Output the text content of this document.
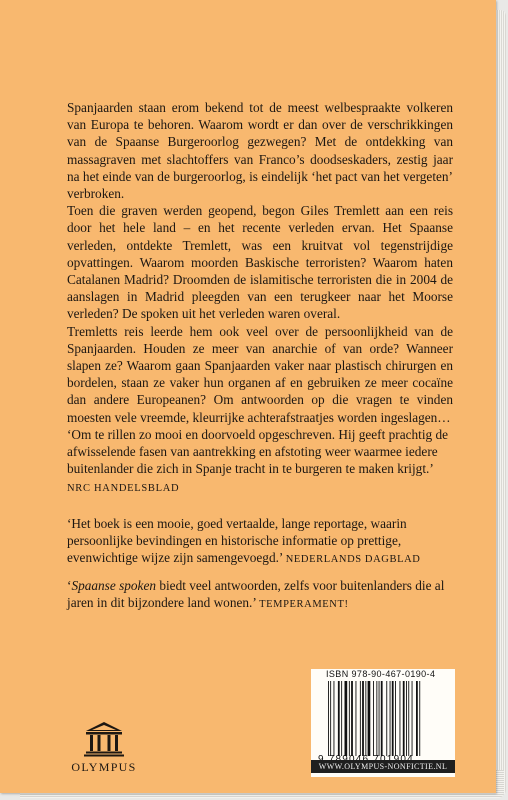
Spanjaarden staan erom bekend tot de meest welbespraakte volkeren van Europa te behoren. Waarom wordt er dan over de verschrikkingen van de Spaanse Burgeroorlog gezwegen? Met de ontdekking van massagraven met slachtoffers van Franco’s doodseskaders, zestig jaar na het einde van de burgeroorlog, is eindelijk ‘het pact van het vergeten’ verbroken.

Toen die graven werden geopend, begon Giles Tremlett aan een reis door het hele land – en het recente verleden ervan. Het Spaanse verleden, ontdekte Tremlett, was een kruitvat vol tegenstrijdige opvattingen. Waarom moorden Baskische terroristen? Waarom haten Catalanen Madrid? Droomden de islamitische terroristen die in 2004 de aanslagen in Madrid pleegden van een terugkeer naar het Moorse verleden? De spoken uit het verleden waren overal.

Tremletts reis leerde hem ook veel over de persoonlijkheid van de Spanjaarden. Houden ze meer van anarchie of van orde? Wanneer slapen ze? Waarom gaan Spanjaarden vaker naar plastisch chirurgen en bordelen, staan ze vaker hun organen af en gebruiken ze meer cocaïne dan andere Europeanen? Om antwoorden op die vragen te vinden moesten vele vreemde, kleurrijke achterafstraatjes worden ingeslagen…

‘Om te rillen zo mooi en doorvoeld opgeschreven. Hij geeft prachtig de afwisselende fasen van aantrekking en afstoting weer waarmee iedere buitenlander die zich in Spanje tracht in te burgeren te maken krijgt.’
NRC HANDELSBLAD
‘Het boek is een mooie, goed vertaalde, lange reportage, waarin persoonlijke bevindingen en historische informatie op prettige, evenwichtige wijze zijn samengevoegd.’ NEDERLANDS DAGBLAD
‘Spaanse spoken biedt veel antwoorden, zelfs voor buitenlanders die al jaren in dit bijzondere land wonen.’ TEMPERAMENT!
OLYMPUS
ISBN 978-90-467-0190-4
WWW.OLYMPUS-NONFICTIE.NL
